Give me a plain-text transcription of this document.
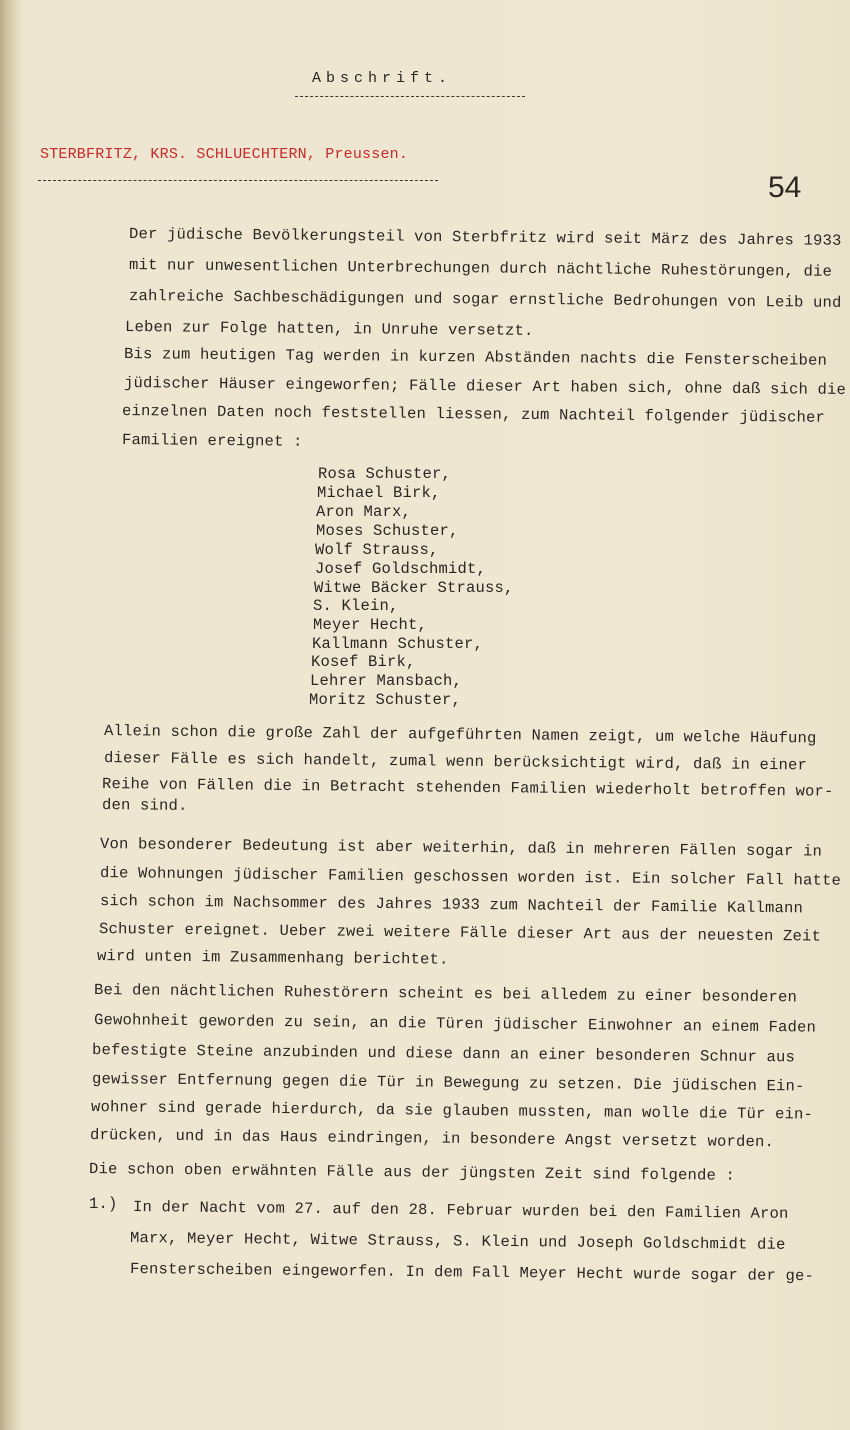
Abschrift.
STERBFRITZ, KRS. SCHLUECHTERN, Preussen.
54
Der jüdische Bevölkerungsteil von Sterbfritz wird seit März des Jahres 1933
mit nur unwesentlichen Unterbrechungen durch nächtliche Ruhestörungen, die
zahlreiche Sachbeschädigungen und sogar ernstliche Bedrohungen von Leib und
Leben zur Folge hatten, in Unruhe versetzt.
Bis zum heutigen Tag werden in kurzen Abständen nachts die Fensterscheiben
jüdischer Häuser eingeworfen; Fälle dieser Art haben sich, ohne daß sich die
einzelnen Daten noch feststellen liessen, zum Nachteil folgender jüdischer
Familien ereignet :
Rosa Schuster,
Michael Birk,
Aron Marx,
Moses Schuster,
Wolf Strauss,
Josef Goldschmidt,
Witwe Bäcker Strauss,
S. Klein,
Meyer Hecht,
Kallmann Schuster,
Kosef Birk,
Lehrer Mansbach,
Moritz Schuster,
Allein schon die große Zahl der aufgeführten Namen zeigt, um welche Häufung
dieser Fälle es sich handelt, zumal wenn berücksichtigt wird, daß in einer
Reihe von Fällen die in Betracht stehenden Familien wiederholt betroffen wor-
den sind.
Von besonderer Bedeutung ist aber weiterhin, daß in mehreren Fällen sogar in
die Wohnungen jüdischer Familien geschossen worden ist. Ein solcher Fall hatte
sich schon im Nachsommer des Jahres 1933 zum Nachteil der Familie Kallmann
Schuster ereignet. Ueber zwei weitere Fälle dieser Art aus der neuesten Zeit
wird unten im Zusammenhang berichtet.
Bei den nächtlichen Ruhestörern scheint es bei alledem zu einer besonderen
Gewohnheit geworden zu sein, an die Türen jüdischer Einwohner an einem Faden
befestigte Steine anzubinden und diese dann an einer besonderen Schnur aus
gewisser Entfernung gegen die Tür in Bewegung zu setzen. Die jüdischen Ein-
wohner sind gerade hierdurch, da sie glauben mussten, man wolle die Tür ein-
drücken, und in das Haus eindringen, in besondere Angst versetzt worden.
Die schon oben erwähnten Fälle aus der jüngsten Zeit sind folgende :
1.) In der Nacht vom 27. auf den 28. Februar wurden bei den Familien Aron
Marx, Meyer Hecht, Witwe Strauss, S. Klein und Joseph Goldschmidt die
Fensterscheiben eingeworfen. In dem Fall Meyer Hecht wurde sogar der ge-
